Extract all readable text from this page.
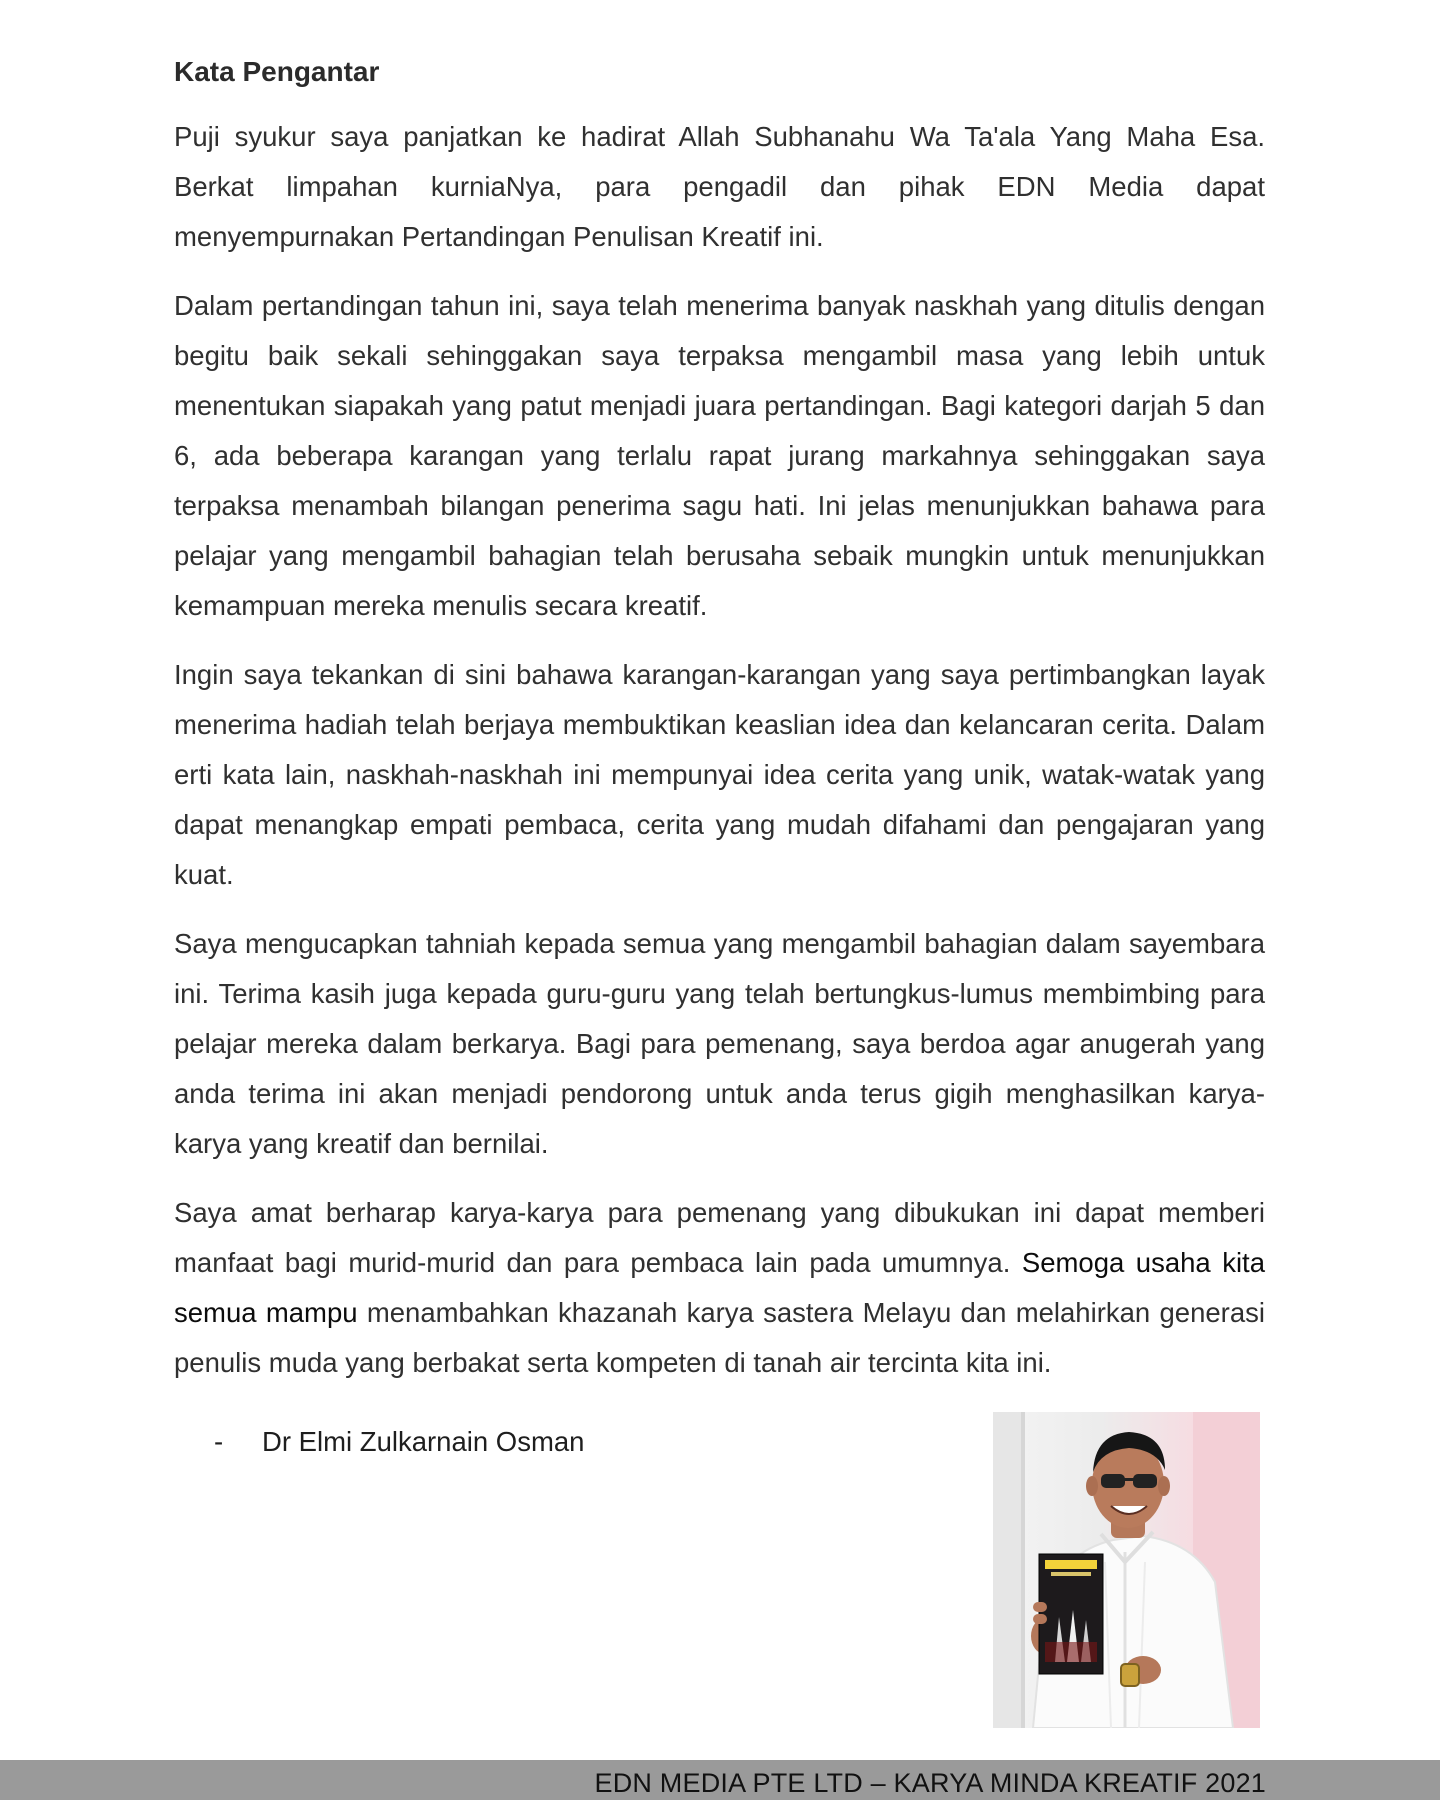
Kata Pengantar

Puji syukur saya panjatkan ke hadirat Allah Subhanahu Wa Ta'ala Yang Maha Esa. Berkat limpahan kurniaNya, para pengadil dan pihak EDN Media dapat menyempurnakan Pertandingan Penulisan Kreatif ini.

Dalam pertandingan tahun ini, saya telah menerima banyak naskhah yang ditulis dengan begitu baik sekali sehinggakan saya terpaksa mengambil masa yang lebih untuk menentukan siapakah yang patut menjadi juara pertandingan. Bagi kategori darjah 5 dan 6, ada beberapa karangan yang terlalu rapat jurang markahnya sehinggakan saya terpaksa menambah bilangan penerima sagu hati. Ini jelas menunjukkan bahawa para pelajar yang mengambil bahagian telah berusaha sebaik mungkin untuk menunjukkan kemampuan mereka menulis secara kreatif.

Ingin saya tekankan di sini bahawa karangan-karangan yang saya pertimbangkan layak menerima hadiah telah berjaya membuktikan keaslian idea dan kelancaran cerita. Dalam erti kata lain, naskhah-naskhah ini mempunyai idea cerita yang unik, watak-watak yang dapat menangkap empati pembaca, cerita yang mudah difahami dan pengajaran yang kuat.

Saya mengucapkan tahniah kepada semua yang mengambil bahagian dalam sayembara ini. Terima kasih juga kepada guru-guru yang telah bertungkus-lumus membimbing para pelajar mereka dalam berkarya. Bagi para pemenang, saya berdoa agar anugerah yang anda terima ini akan menjadi pendorong untuk anda terus gigih menghasilkan karya-karya yang kreatif dan bernilai.

Saya amat berharap karya-karya para pemenang yang dibukukan ini dapat memberi manfaat bagi murid-murid dan para pembaca lain pada umumnya. Semoga usaha kita semua mampu menambahkan khazanah karya sastera Melayu dan melahirkan generasi penulis muda yang berbakat serta kompeten di tanah air tercinta kita ini.

-	Dr Elmi Zulkarnain Osman
EDN MEDIA PTE LTD – KARYA MINDA KREATIF 2021
